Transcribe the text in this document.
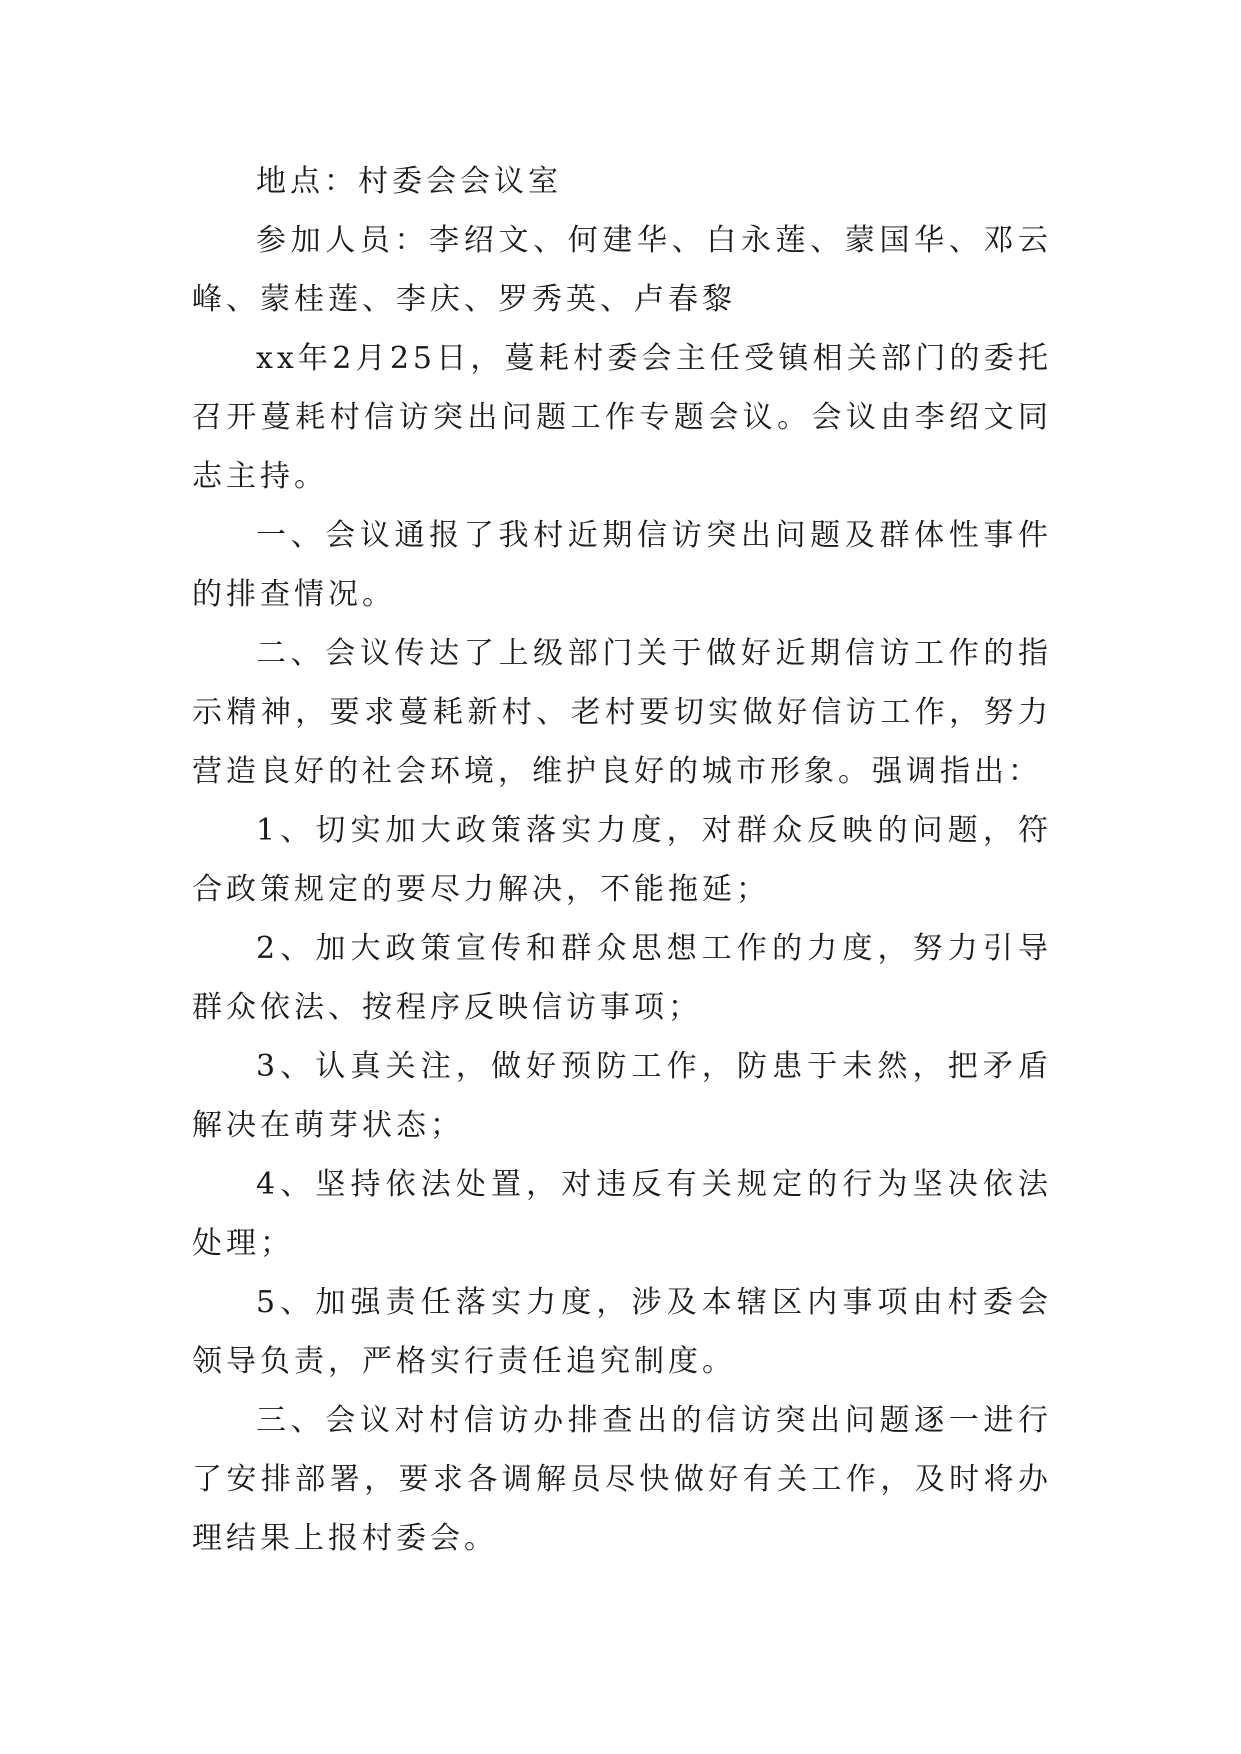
地点：村委会会议室

参加人员：李绍文、何建华、白永莲、蒙国华、邓云峰、蒙桂莲、李庆、罗秀英、卢春黎

xx年2月25日，蔓耗村委会主任受镇相关部门的委托召开蔓耗村信访突出问题工作专题会议。会议由李绍文同志主持。

一、会议通报了我村近期信访突出问题及群体性事件的排查情况。

二、会议传达了上级部门关于做好近期信访工作的指示精神，要求蔓耗新村、老村要切实做好信访工作，努力营造良好的社会环境，维护良好的城市形象。强调指出：

1、切实加大政策落实力度，对群众反映的问题，符合政策规定的要尽力解决，不能拖延；

2、加大政策宣传和群众思想工作的力度，努力引导群众依法、按程序反映信访事项；

3、认真关注，做好预防工作，防患于未然，把矛盾解决在萌芽状态；

4、坚持依法处置，对违反有关规定的行为坚决依法处理；

5、加强责任落实力度，涉及本辖区内事项由村委会领导负责，严格实行责任追究制度。

三、会议对村信访办排查出的信访突出问题逐一进行了安排部署，要求各调解员尽快做好有关工作，及时将办理结果上报村委会。
